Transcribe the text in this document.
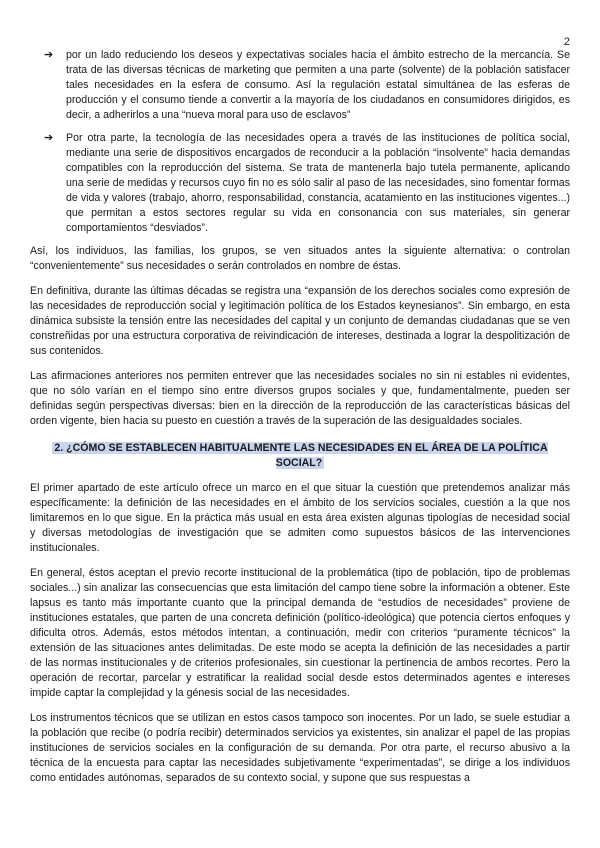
2
➔ por un lado reduciendo los deseos y expectativas sociales hacia el ámbito estrecho de la mercancía. Se trata de las diversas técnicas de marketing que permiten a una parte (solvente) de la población satisfacer tales necesidades en la esfera de consumo. Así la regulación estatal simultánea de las esferas de producción y el consumo tiende a convertir a la mayoría de los ciudadanos en consumidores dirigidos, es decir, a adherirlos a una “nueva moral para uso de esclavos”
➔ Por otra parte, la tecnología de las necesidades opera a través de las instituciones de política social, mediante una serie de dispositivos encargados de reconducir a la población “insolvente” hacia demandas compatibles con la reproducción del sistema. Se trata de mantenerla bajo tutela permanente, aplicando una serie de medidas y recursos cuyo fin no es sólo salir al paso de las necesidades, sino fomentar formas de vida y valores (trabajo, ahorro, responsabilidad, constancia, acatamiento en las instituciones vigentes...) que permitan a estos sectores regular su vida en consonancia con sus materiales, sin generar comportamientos “desviados”.

Así, los individuos, las familias, los grupos, se ven situados antes la siguiente alternativa: o controlan “convenientemente” sus necesidades o serán controlados en nombre de éstas.

En definitiva, durante las últimas décadas se registra una “expansión de los derechos sociales como expresión de las necesidades de reproducción social y legitimación política de los Estados keynesianos”. Sin embargo, en esta dinámica subsiste la tensión entre las necesidades del capital y un conjunto de demandas ciudadanas que se ven constreñidas por una estructura corporativa de reivindicación de intereses, destinada a lograr la despolitización de sus contenidos.

Las afirmaciones anteriores nos permiten entrever que las necesidades sociales no sin ni estables ni evidentes, que no sólo varían en el tiempo sino entre diversos grupos sociales y que, fundamentalmente, pueden ser definidas según perspectivas diversas: bien en la dirección de la reproducción de las características básicas del orden vigente, bien hacia su puesto en cuestión a través de la superación de las desigualdades sociales.

2. ¿CÓMO SE ESTABLECEN HABITUALMENTE LAS NECESIDADES EN EL ÁREA DE LA POLÍTICA SOCIAL?

El primer apartado de este artículo ofrece un marco en el que situar la cuestión que pretendemos analizar más específicamente: la definición de las necesidades en el ámbito de los servicios sociales, cuestión a la que nos limitaremos en lo que sigue. En la práctica más usual en esta área existen algunas tipologías de necesidad social y diversas metodologías de investigación que se admiten como supuestos básicos de las intervenciones institucionales.

En general, éstos aceptan el previo recorte institucional de la problemática (tipo de población, tipo de problemas sociales...) sin analizar las consecuencias que esta limitación del campo tiene sobre la información a obtener. Este lapsus es tanto más importante cuanto que la principal demanda de “estudios de necesidades” proviene de instituciones estatales, que parten de una concreta definición (político-ideológica) que potencia ciertos enfoques y dificulta otros. Además, estos métodos intentan, a continuación, medir con criterios “puramente técnicos” la extensión de las situaciones antes delimitadas. De este modo se acepta la definición de las necesidades a partir de las normas institucionales y de criterios profesionales, sin cuestionar la pertinencia de ambos recortes. Pero la operación de recortar, parcelar y estratificar la realidad social desde estos determinados agentes e intereses impide captar la complejidad y la génesis social de las necesidades.

Los instrumentos técnicos que se utilizan en estos casos tampoco son inocentes. Por un lado, se suele estudiar a la población que recibe (o podría recibir) determinados servicios ya existentes, sin analizar el papel de las propias instituciones de servicios sociales en la configuración de su demanda. Por otra parte, el recurso abusivo a la técnica de la encuesta para captar las necesidades subjetivamente “experimentadas”, se dirige a los individuos como entidades autónomas, separados de su contexto social, y supone que sus respuestas a
